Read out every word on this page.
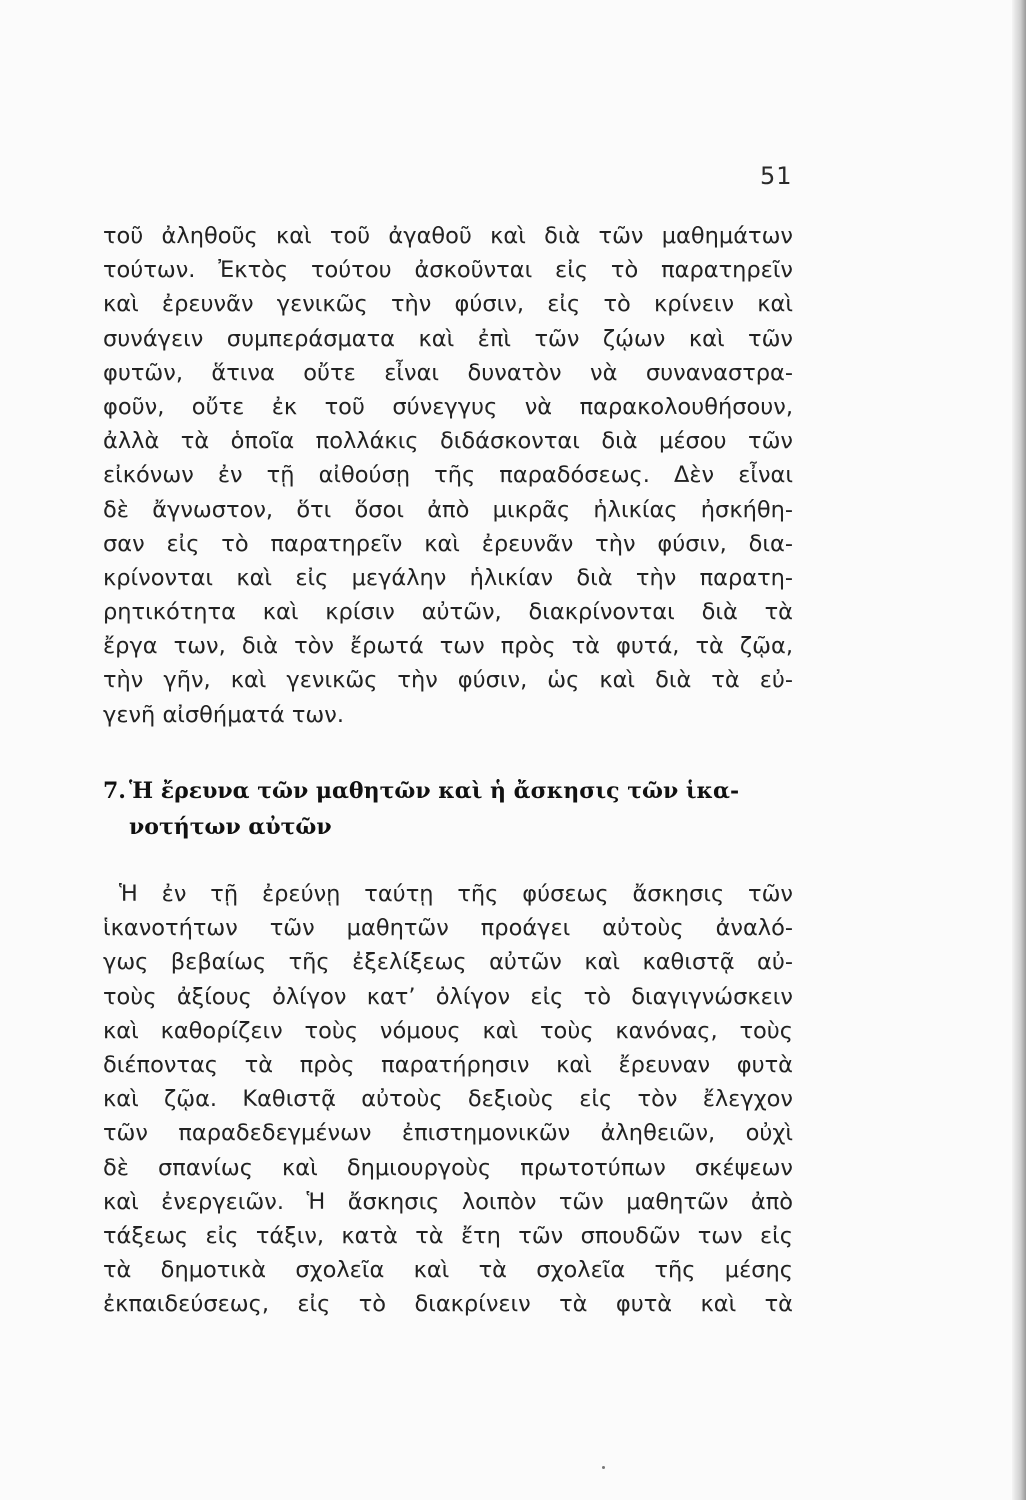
51
τοῦ ἀληθοῦς καὶ τοῦ ἀγαθοῦ καὶ διὰ τῶν μαθημάτων
τούτων. Ἐκτὸς τούτου ἀσκοῦνται εἰς τὸ παρατηρεῖν
καὶ ἐρευνᾶν γενικῶς τὴν φύσιν, εἰς τὸ κρίνειν καὶ
συνάγειν συμπεράσματα καὶ ἐπὶ τῶν ζῴων καὶ τῶν
φυτῶν, ἅτινα οὔτε εἶναι δυνατὸν νὰ συναναστρα-
φοῦν, οὔτε ἐκ τοῦ σύνεγγυς νὰ παρακολουθήσουν,
ἀλλὰ τὰ ὁποῖα πολλάκις διδάσκονται διὰ μέσου τῶν
εἰκόνων ἐν τῇ αἰθούσῃ τῆς παραδόσεως. Δὲν εἶναι
δὲ ἄγνωστον, ὅτι ὅσοι ἀπὸ μικρᾶς ἡλικίας ἠσκήθη-
σαν εἰς τὸ παρατηρεῖν καὶ ἐρευνᾶν τὴν φύσιν, δια-
κρίνονται καὶ εἰς μεγάλην ἡλικίαν διὰ τὴν παρατη-
ρητικότητα καὶ κρίσιν αὐτῶν, διακρίνονται διὰ τὰ
ἔργα των, διὰ τὸν ἔρωτά των πρὸς τὰ φυτά, τὰ ζῷα,
τὴν γῆν, καὶ γενικῶς τὴν φύσιν, ὡς καὶ διὰ τὰ εὐ-
γενῆ αἰσθήματά των.
7. Ἡ ἔρευνα τῶν μαθητῶν καὶ ἡ ἄσκησις τῶν ἱκα-
νοτήτων αὐτῶν
Ἡ ἐν τῇ ἐρεύνῃ ταύτῃ τῆς φύσεως ἄσκησις τῶν
ἱκανοτήτων τῶν μαθητῶν προάγει αὐτοὺς ἀναλό-
γως βεβαίως τῆς ἐξελίξεως αὐτῶν καὶ καθιστᾷ αὐ-
τοὺς ἀξίους ὀλίγον κατ’ ὀλίγον εἰς τὸ διαγιγνώσκειν
καὶ καθορίζειν τοὺς νόμους καὶ τοὺς κανόνας, τοὺς
διέποντας τὰ πρὸς παρατήρησιν καὶ ἔρευναν φυτὰ
καὶ ζῷα. Καθιστᾷ αὐτοὺς δεξιοὺς εἰς τὸν ἔλεγχον
τῶν παραδεδεγμένων ἐπιστημονικῶν ἀληθειῶν, οὐχὶ
δὲ σπανίως καὶ δημιουργοὺς πρωτοτύπων σκέψεων
καὶ ἐνεργειῶν. Ἡ ἄσκησις λοιπὸν τῶν μαθητῶν ἀπὸ
τάξεως εἰς τάξιν, κατὰ τὰ ἔτη τῶν σπουδῶν των εἰς
τὰ δημοτικὰ σχολεῖα καὶ τὰ σχολεῖα τῆς μέσης
ἐκπαιδεύσεως, εἰς τὸ διακρίνειν τὰ φυτὰ καὶ τὰ
